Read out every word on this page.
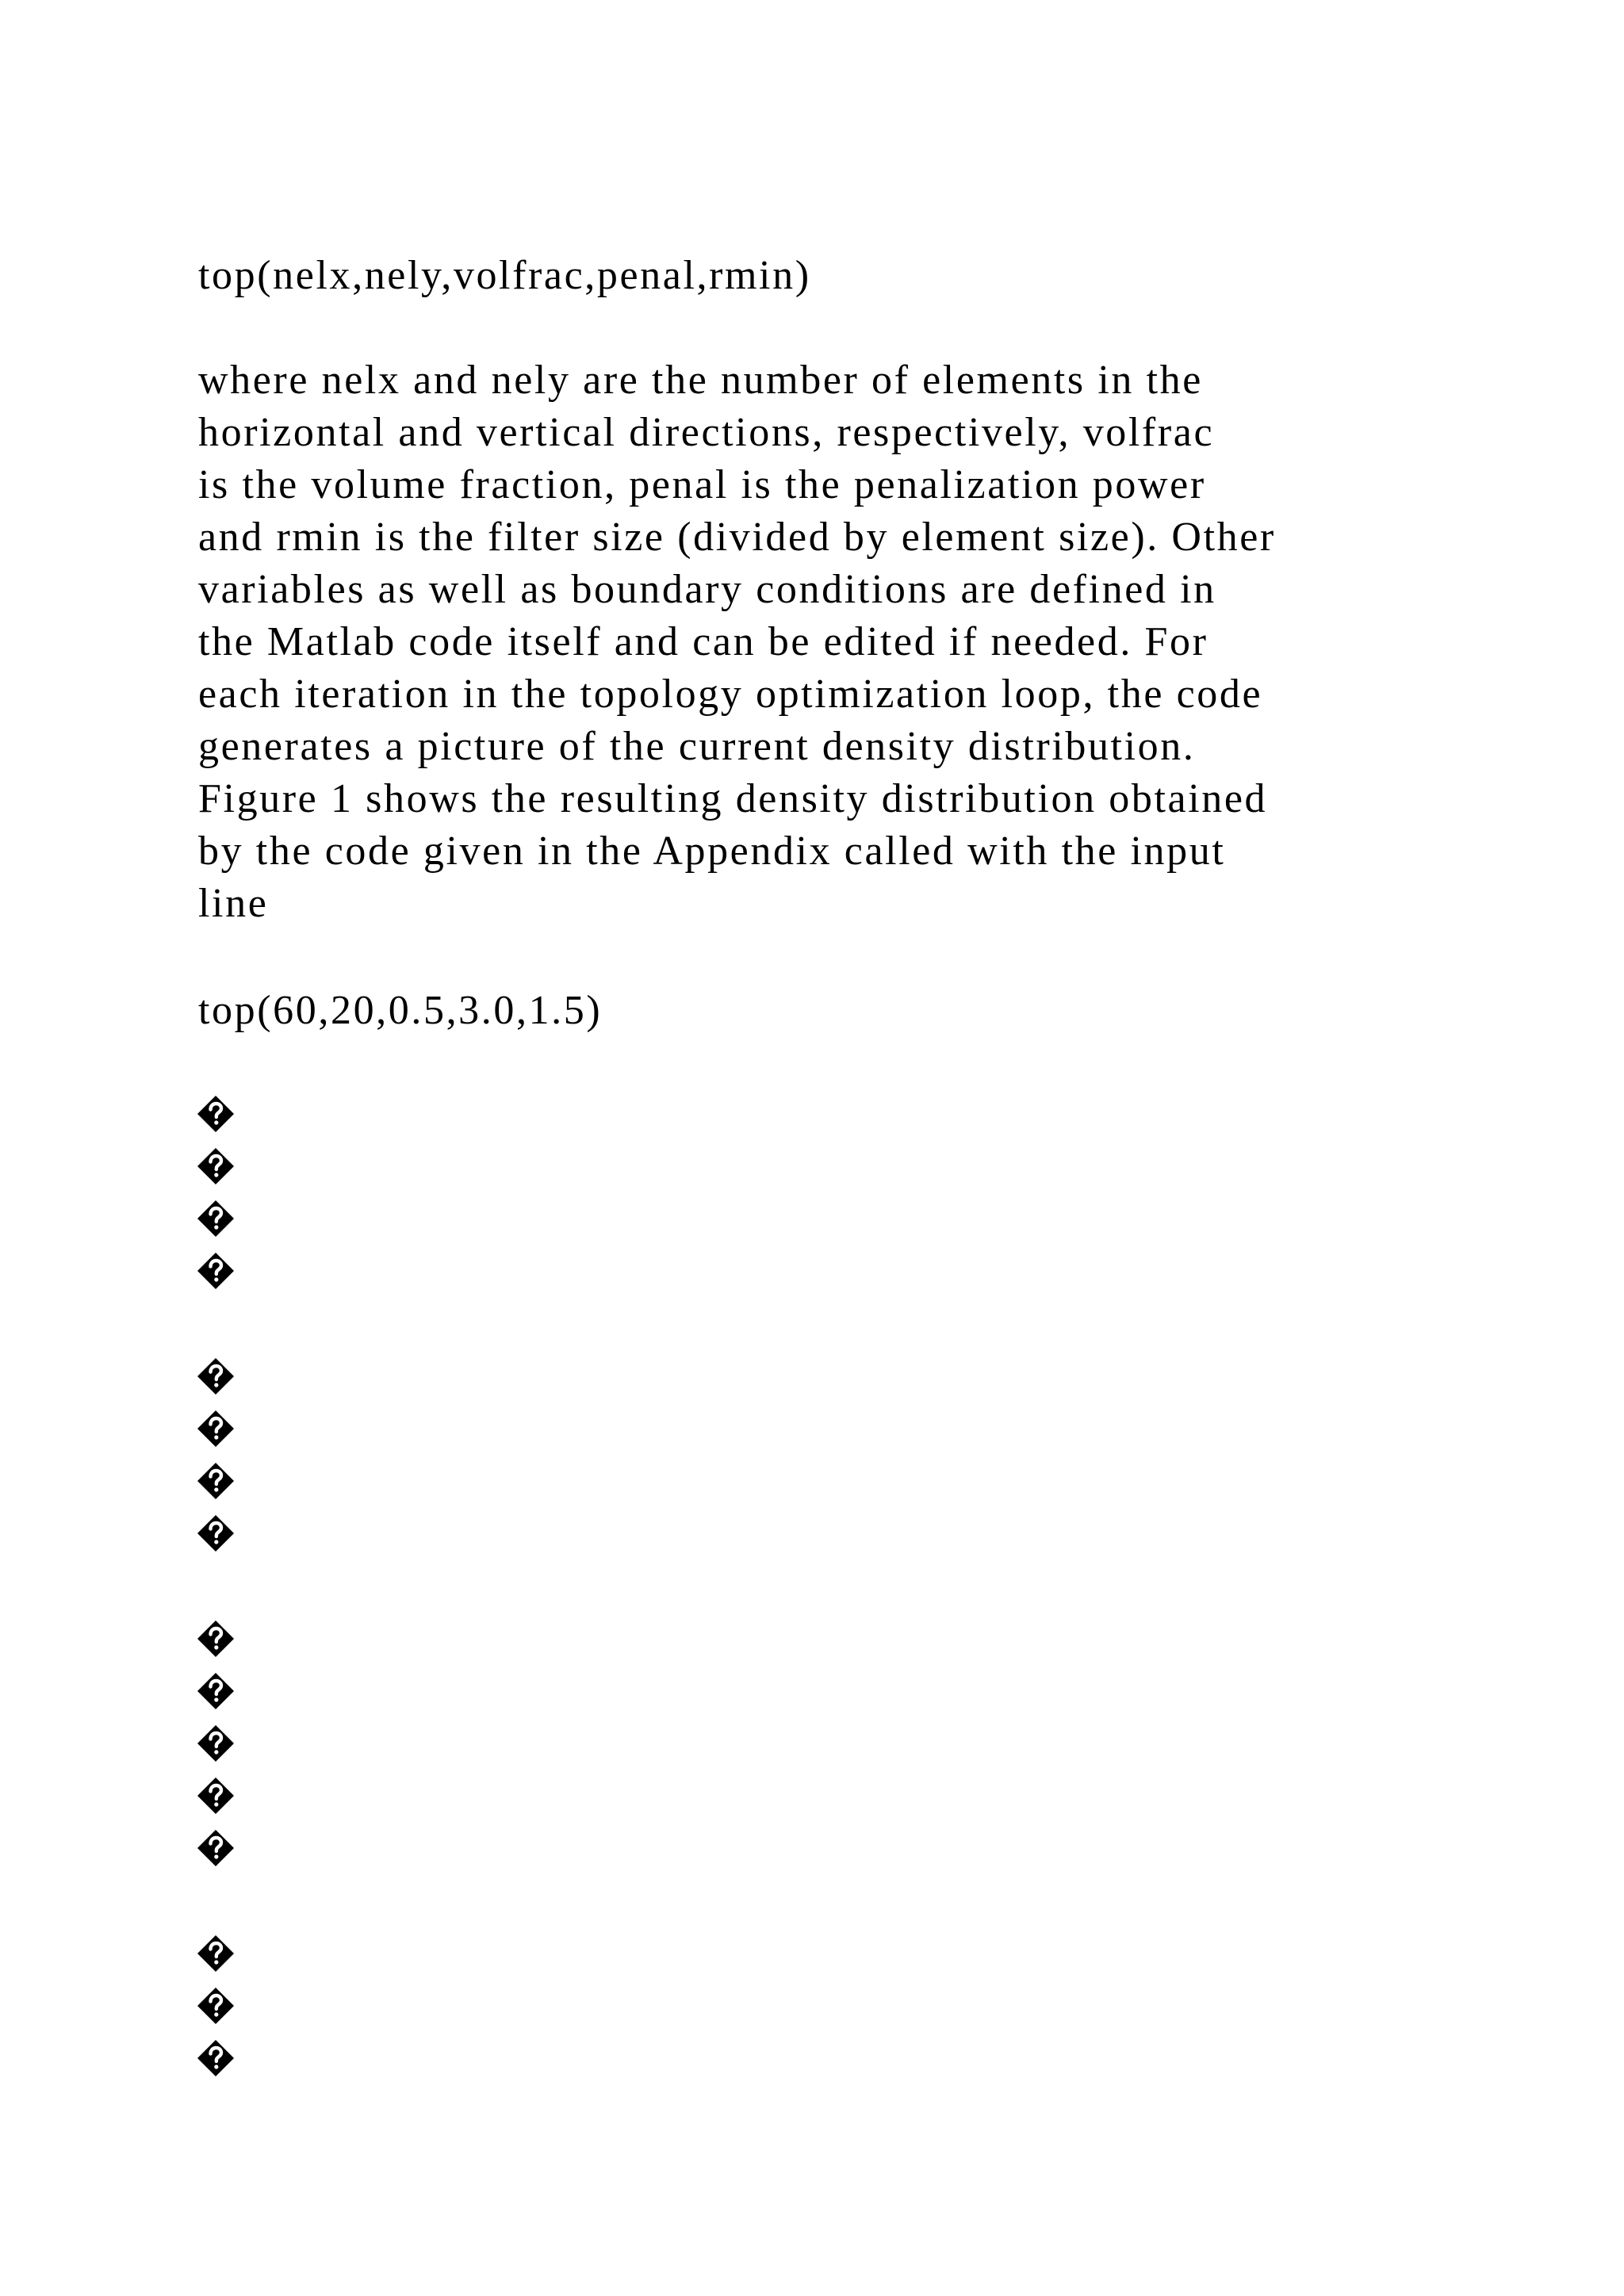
top(nelx,nely,volfrac,penal,rmin)
where nelx and nely are the number of elements in the
horizontal and vertical directions, respectively, volfrac
is the volume fraction, penal is the penalization power
and rmin is the filter size (divided by element size). Other
variables as well as boundary conditions are defined in
the Matlab code itself and can be edited if needed. For
each iteration in the topology optimization loop, the code
generates a picture of the current density distribution.
Figure 1 shows the resulting density distribution obtained
by the code given in the Appendix called with the input
line
top(60,20,0.5,3.0,1.5)
